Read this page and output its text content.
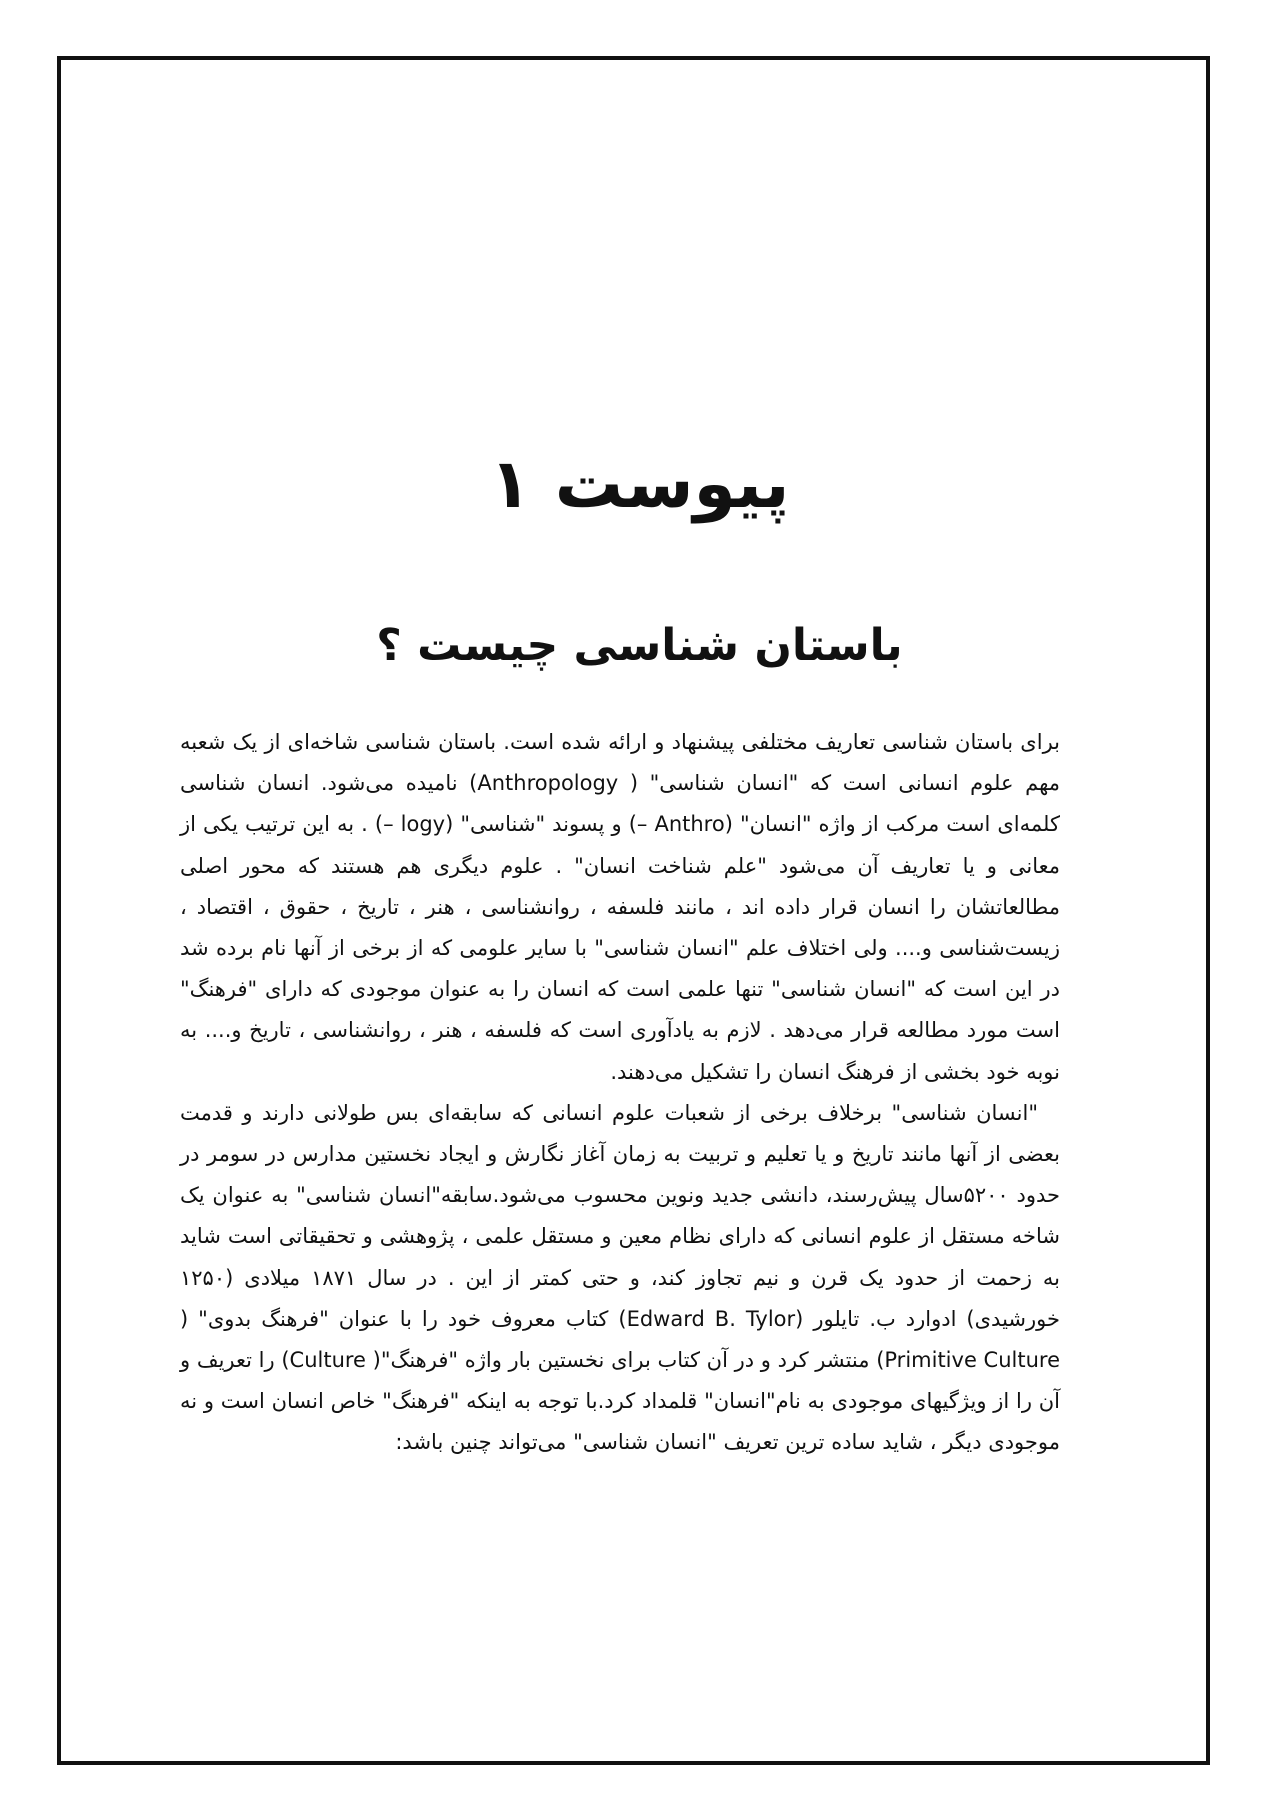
پیوست ۱
باستان شناسی چیست ؟

برای باستان شناسی تعاریف مختلفی پیشنهاد و ارائه شده است. باستان شناسی شاخه‌ای از یک شعبه مهم علوم انسانی است که "انسان شناسی" ( Anthropology) نامیده می‌شود. انسان شناسی کلمه‌ای است مرکب از واژه "انسان" (Anthro –) و پسوند "شناسی" (logy –) . به این ترتیب یکی از معانی و یا تعاریف آن می‌شود "علم شناخت انسان" . علوم دیگری هم هستند که محور اصلی مطالعاتشان را انسان قرار داده اند ، مانند فلسفه ، روانشناسی ، هنر ، تاریخ ، حقوق ، اقتصاد ، زیست‌شناسی و.... ولی اختلاف علم "انسان شناسی" با سایر علومی که از برخی از آنها نام برده شد در این است که "انسان شناسی" تنها علمی است که انسان را به عنوان موجودی که دارای "فرهنگ" است مورد مطالعه قرار می‌دهد . لازم به یادآوری است که فلسفه ، هنر ، روانشناسی ، تاریخ و.... به نوبه خود بخشی از فرهنگ انسان را تشکیل می‌دهند.

"انسان شناسی" برخلاف برخی از شعبات علوم انسانی که سابقه‌ای بس طولانی دارند و قدمت بعضی از آنها مانند تاریخ و یا تعلیم و تربیت به زمان آغاز نگارش و ایجاد نخستین مدارس در سومر در حدود ۵۲۰۰سال پیش‌رسند، دانشی جدید ونوین محسوب می‌شود.سابقه"انسان شناسی" به عنوان یک شاخه مستقل از علوم انسانی که دارای نظام معین و مستقل علمی ، پژوهشی و تحقیقاتی است شاید به زحمت از حدود یک قرن و نیم تجاوز کند، و حتی کمتر از این . در سال ۱۸۷۱ میلادی (۱۲۵۰ خورشیدی) ادوارد ب. تایلور (Edward B. Tylor) کتاب معروف خود را با عنوان "فرهنگ بدوی" ( Primitive Culture) منتشر کرد و در آن کتاب برای نخستین بار واژه "فرهنگ"( Culture) را تعریف و آن را از ویژگیهای موجودی به نام"انسان" قلمداد کرد.با توجه به اینکه "فرهنگ" خاص انسان است و نه موجودی دیگر ، شاید ساده ترین تعریف "انسان شناسی" می‌تواند چنین باشد:
